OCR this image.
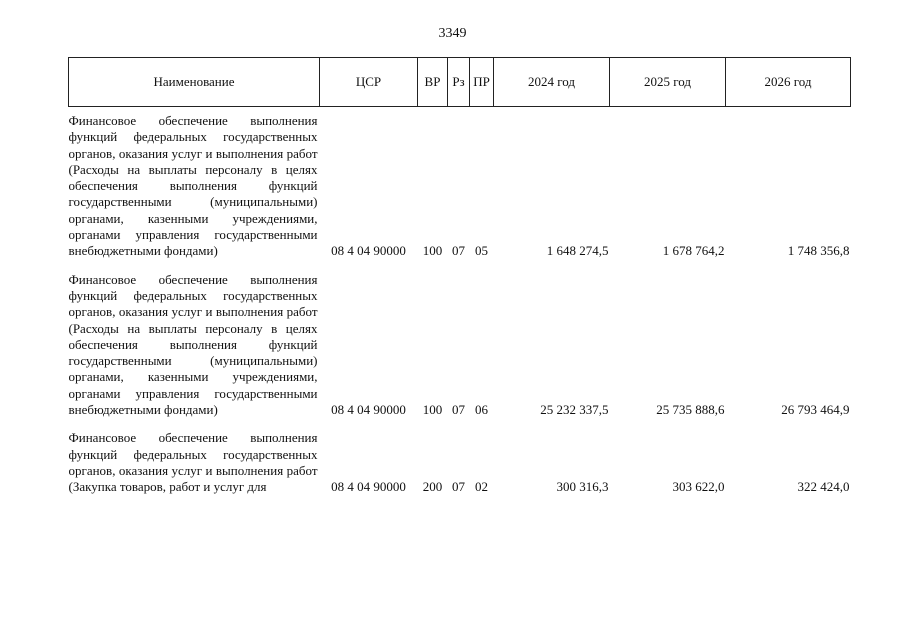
3349
Наименование	ЦСР	ВР	Рз	ПР	2024 год	2025 год	2026 год
Финансовое обеспечение выполнения функций федеральных государственных органов, оказания услуг и выполнения работ (Расходы на выплаты персоналу в целях обеспечения выполнения функций государственными (муниципальными) органами, казенными учреждениями, органами управления государственными внебюджетными фондами)	08 4 04 90000	100	07	05	1 648 274,5	1 678 764,2	1 748 356,8
Финансовое обеспечение выполнения функций федеральных государственных органов, оказания услуг и выполнения работ (Расходы на выплаты персоналу в целях обеспечения выполнения функций государственными (муниципальными) органами, казенными учреждениями, органами управления государственными внебюджетными фондами)	08 4 04 90000	100	07	06	25 232 337,5	25 735 888,6	26 793 464,9
Финансовое обеспечение выполнения функций федеральных государственных органов, оказания услуг и выполнения работ (Закупка товаров, работ и услуг для	08 4 04 90000	200	07	02	300 316,3	303 622,0	322 424,0
